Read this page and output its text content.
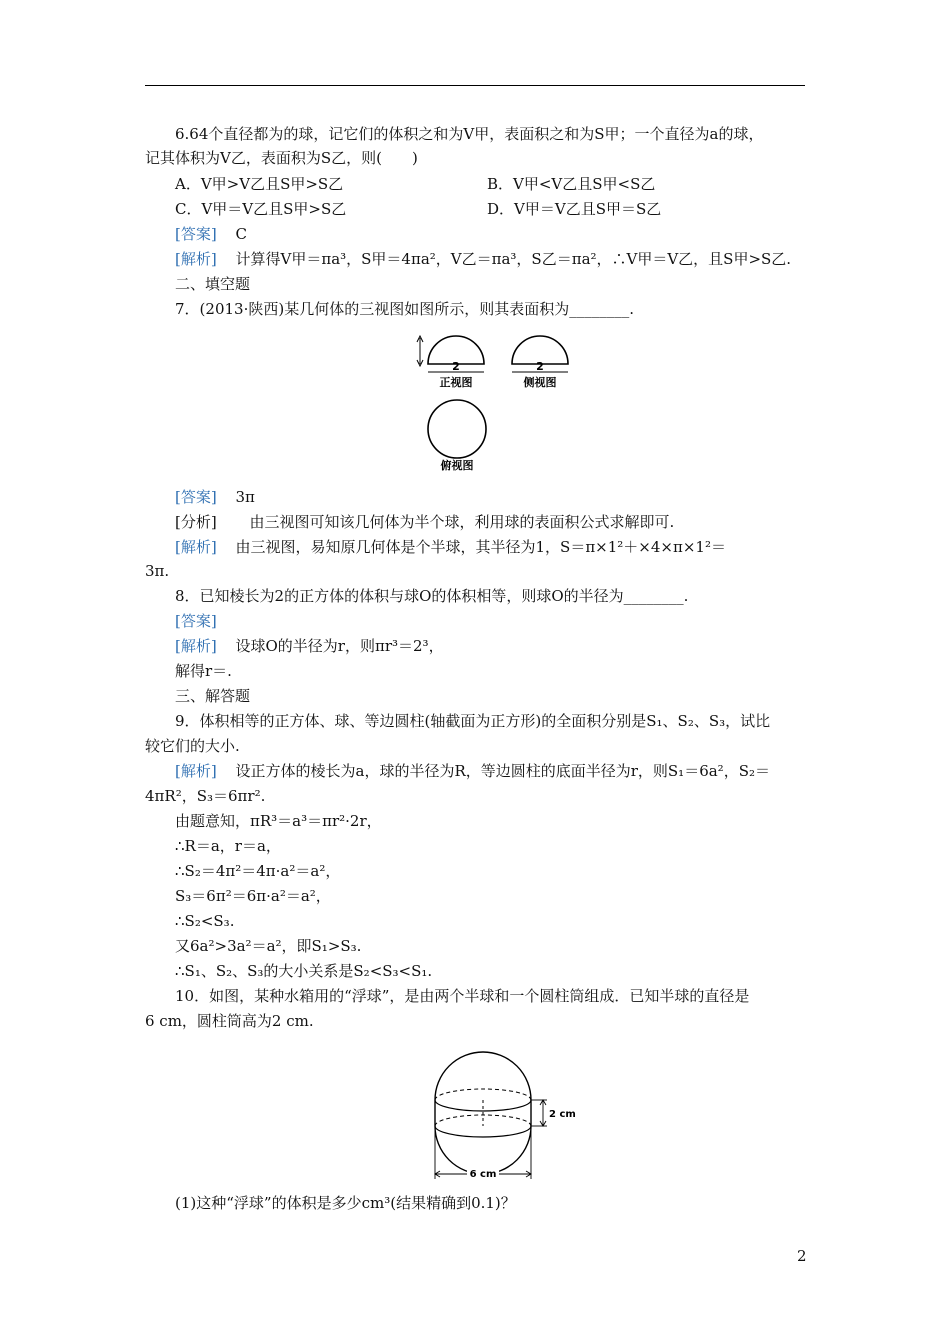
6.64个直径都为的球，记它们的体积之和为V甲，表面积之和为S甲；一个直径为a的球，
记其体积为V乙，表面积为S乙，则(　　)
A．V甲>V乙且S甲>S乙	B．V甲<V乙且S甲<S乙
C．V甲＝V乙且S甲>S乙	D．V甲＝V乙且S甲＝S乙
[答案] C
[解析] 计算得V甲＝πa³，S甲＝4πa²，V乙＝πa³，S乙＝πa²，∴V甲＝V乙，且S甲>S乙.
二、填空题
7．(2013·陕西)某几何体的三视图如图所示，则其表面积为________.
2
正视图
2
侧视图
俯视图
[答案] 3π
[分析] 由三视图可知该几何体为半个球，利用球的表面积公式求解即可.
[解析] 由三视图，易知原几何体是个半球，其半径为1，S＝π×1²＋×4×π×1²＝
3π.
8．已知棱长为2的正方体的体积与球O的体积相等，则球O的半径为________.
[答案]
[解析] 设球O的半径为r，则πr³＝2³，
解得r＝.
三、解答题
9．体积相等的正方体、球、等边圆柱(轴截面为正方形)的全面积分别是S₁、S₂、S₃，试比
较它们的大小.
[解析] 设正方体的棱长为a，球的半径为R，等边圆柱的底面半径为r，则S₁＝6a²，S₂＝
4πR²，S₃＝6πr².
由题意知，πR³＝a³＝πr²·2r，
∴R＝a，r＝a，
∴S₂＝4π²＝4π·a²＝a²，
S₃＝6π²＝6π·a²＝a²，
∴S₂<S₃.
又6a²>3a²＝a²，即S₁>S₃.
∴S₁、S₂、S₃的大小关系是S₂<S₃<S₁.
10．如图，某种水箱用的“浮球”，是由两个半球和一个圆柱筒组成．已知半球的直径是
6 cm，圆柱筒高为2 cm.
2 cm
6 cm
(1)这种“浮球”的体积是多少cm³(结果精确到0.1)？
2
